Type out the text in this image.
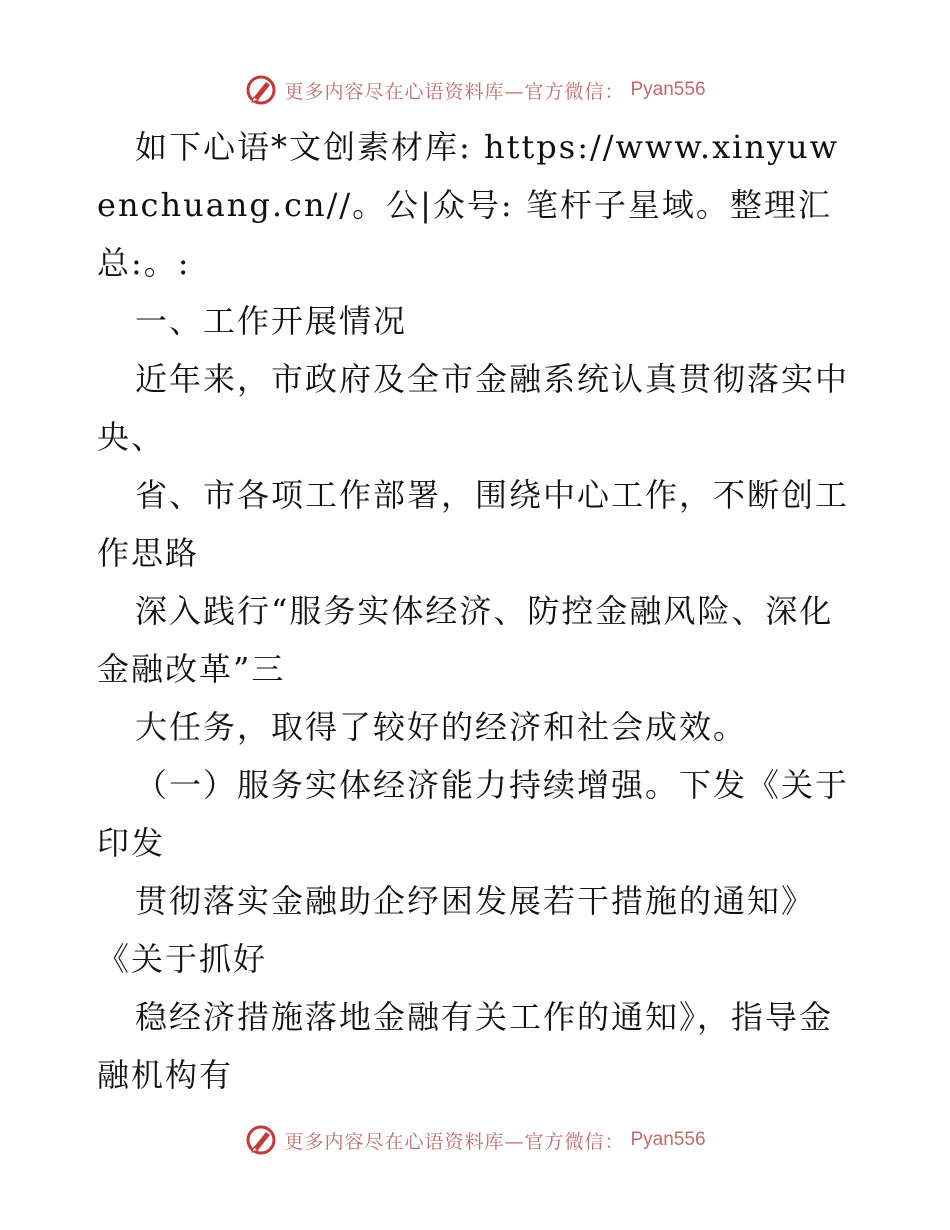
更多内容尽在心语资料库—官方微信： Pyan556

如下心语*文创素材库: https://www.xinyuwenchuang.cn//。公|众号: 笔杆子星域。整理汇总:。:

一、工作开展情况

近年来，市政府及全市金融系统认真贯彻落实中央、

省、市各项工作部署，围绕中心工作，不断创工作思路

深入践行“服务实体经济、防控金融风险、深化金融改革”三

大任务，取得了较好的经济和社会成效。

（一）服务实体经济能力持续增强。下发《关于印发

贯彻落实金融助企纾困发展若干措施的通知》《关于抓好

稳经济措施落地金融有关工作的通知》，指导金融机构有

更多内容尽在心语资料库—官方微信： Pyan556
